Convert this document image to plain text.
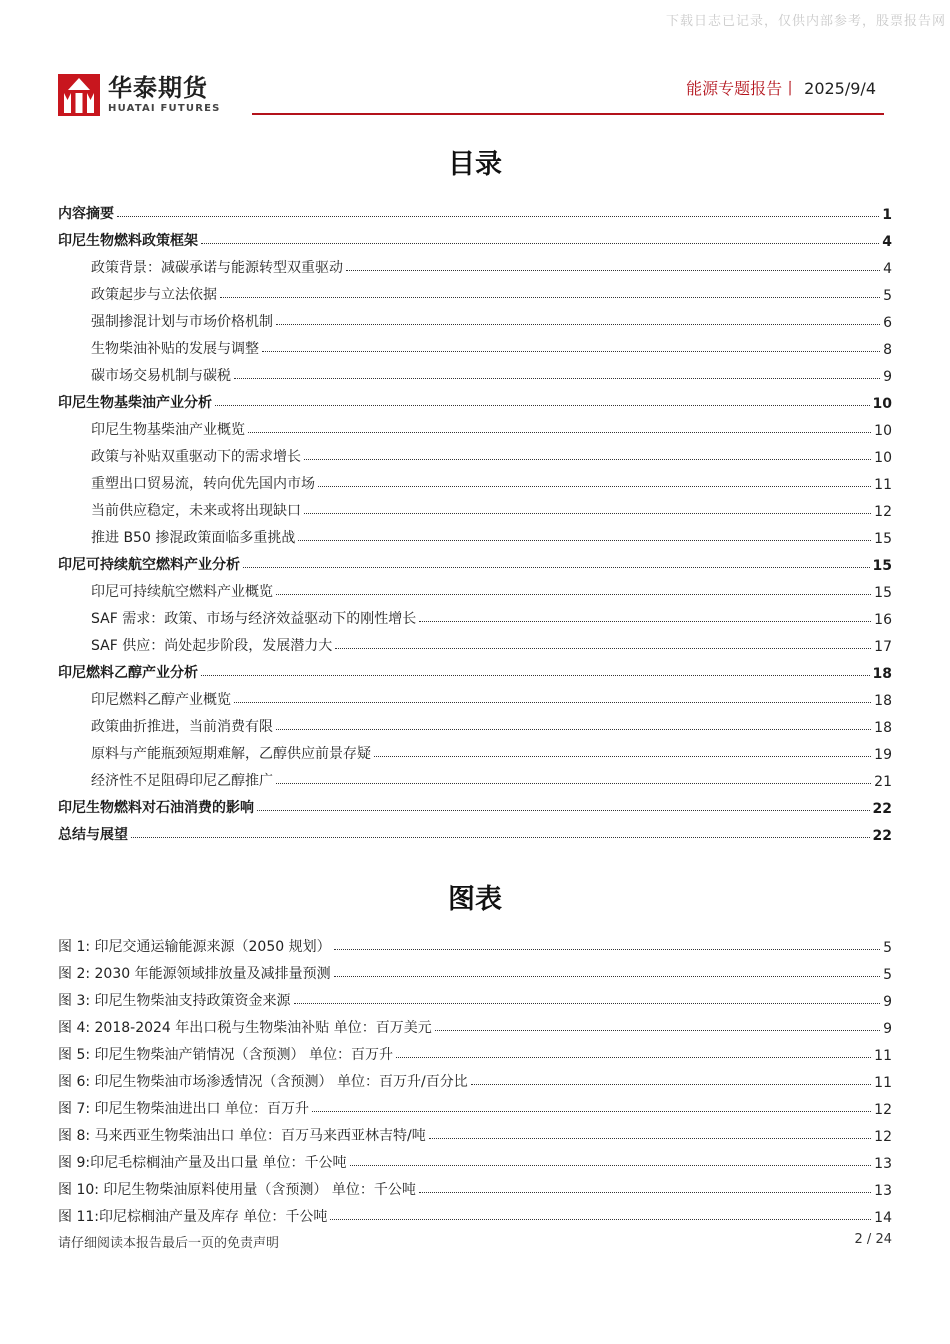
下载日志已记录，仅供内部参考，股票报告网
华泰期货
HUATAI FUTURES
能源专题报告丨 2025/9/4
目录
内容摘要	1
印尼生物燃料政策框架	4
政策背景：减碳承诺与能源转型双重驱动	4
政策起步与立法依据	5
强制掺混计划与市场价格机制	6
生物柴油补贴的发展与调整	8
碳市场交易机制与碳税	9
印尼生物基柴油产业分析	10
印尼生物基柴油产业概览	10
政策与补贴双重驱动下的需求增长	10
重塑出口贸易流，转向优先国内市场	11
当前供应稳定，未来或将出现缺口	12
推进 B50 掺混政策面临多重挑战	15
印尼可持续航空燃料产业分析	15
印尼可持续航空燃料产业概览	15
SAF 需求：政策、市场与经济效益驱动下的刚性增长	16
SAF 供应：尚处起步阶段，发展潜力大	17
印尼燃料乙醇产业分析	18
印尼燃料乙醇产业概览	18
政策曲折推进，当前消费有限	18
原料与产能瓶颈短期难解，乙醇供应前景存疑	19
经济性不足阻碍印尼乙醇推广	21
印尼生物燃料对石油消费的影响	22
总结与展望	22
图表
图 1: 印尼交通运输能源来源（2050 规划）	5
图 2: 2030 年能源领域排放量及减排量预测	5
图 3: 印尼生物柴油支持政策资金来源	9
图 4: 2018-2024 年出口税与生物柴油补贴 单位：百万美元	9
图 5: 印尼生物柴油产销情况（含预测） 单位：百万升	11
图 6: 印尼生物柴油市场渗透情况（含预测） 单位：百万升/百分比	11
图 7: 印尼生物柴油进出口 单位：百万升	12
图 8: 马来西亚生物柴油出口 单位：百万马来西亚林吉特/吨	12
图 9:印尼毛棕榈油产量及出口量 单位：千公吨	13
图 10: 印尼生物柴油原料使用量（含预测） 单位：千公吨	13
图 11:印尼棕榈油产量及库存 单位：千公吨	14
请仔细阅读本报告最后一页的免责声明	2 / 24
